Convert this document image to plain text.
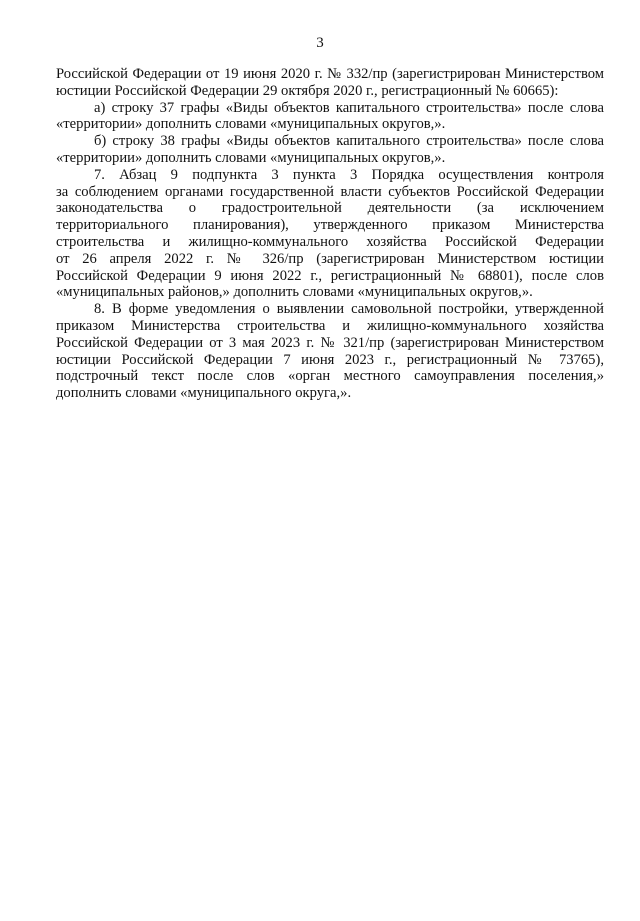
3
Российской Федерации от 19 июня 2020 г. № 332/пр (зарегистрирован Министерством
юстиции Российской Федерации 29 октября 2020 г., регистрационный № 60665):
а) строку 37 графы «Виды объектов капитального строительства» после слова
«территории» дополнить словами «муниципальных округов,».
б) строку 38 графы «Виды объектов капитального строительства» после слова
«территории» дополнить словами «муниципальных округов,».
7. Абзац 9 подпункта 3 пункта 3 Порядка осуществления контроля
за соблюдением органами государственной власти субъектов Российской Федерации
законодательства о градостроительной деятельности (за исключением
территориального планирования), утвержденного приказом Министерства
строительства и жилищно-коммунального хозяйства Российской Федерации
от 26 апреля 2022 г. № 326/пр (зарегистрирован Министерством юстиции
Российской Федерации 9 июня 2022 г., регистрационный № 68801), после слов
«муниципальных районов,» дополнить словами «муниципальных округов,».
8. В форме уведомления о выявлении самовольной постройки, утвержденной
приказом Министерства строительства и жилищно-коммунального хозяйства
Российской Федерации от 3 мая 2023 г. № 321/пр (зарегистрирован Министерством
юстиции Российской Федерации 7 июня 2023 г., регистрационный № 73765),
подстрочный текст после слов «орган местного самоуправления поселения,»
дополнить словами «муниципального округа,».
